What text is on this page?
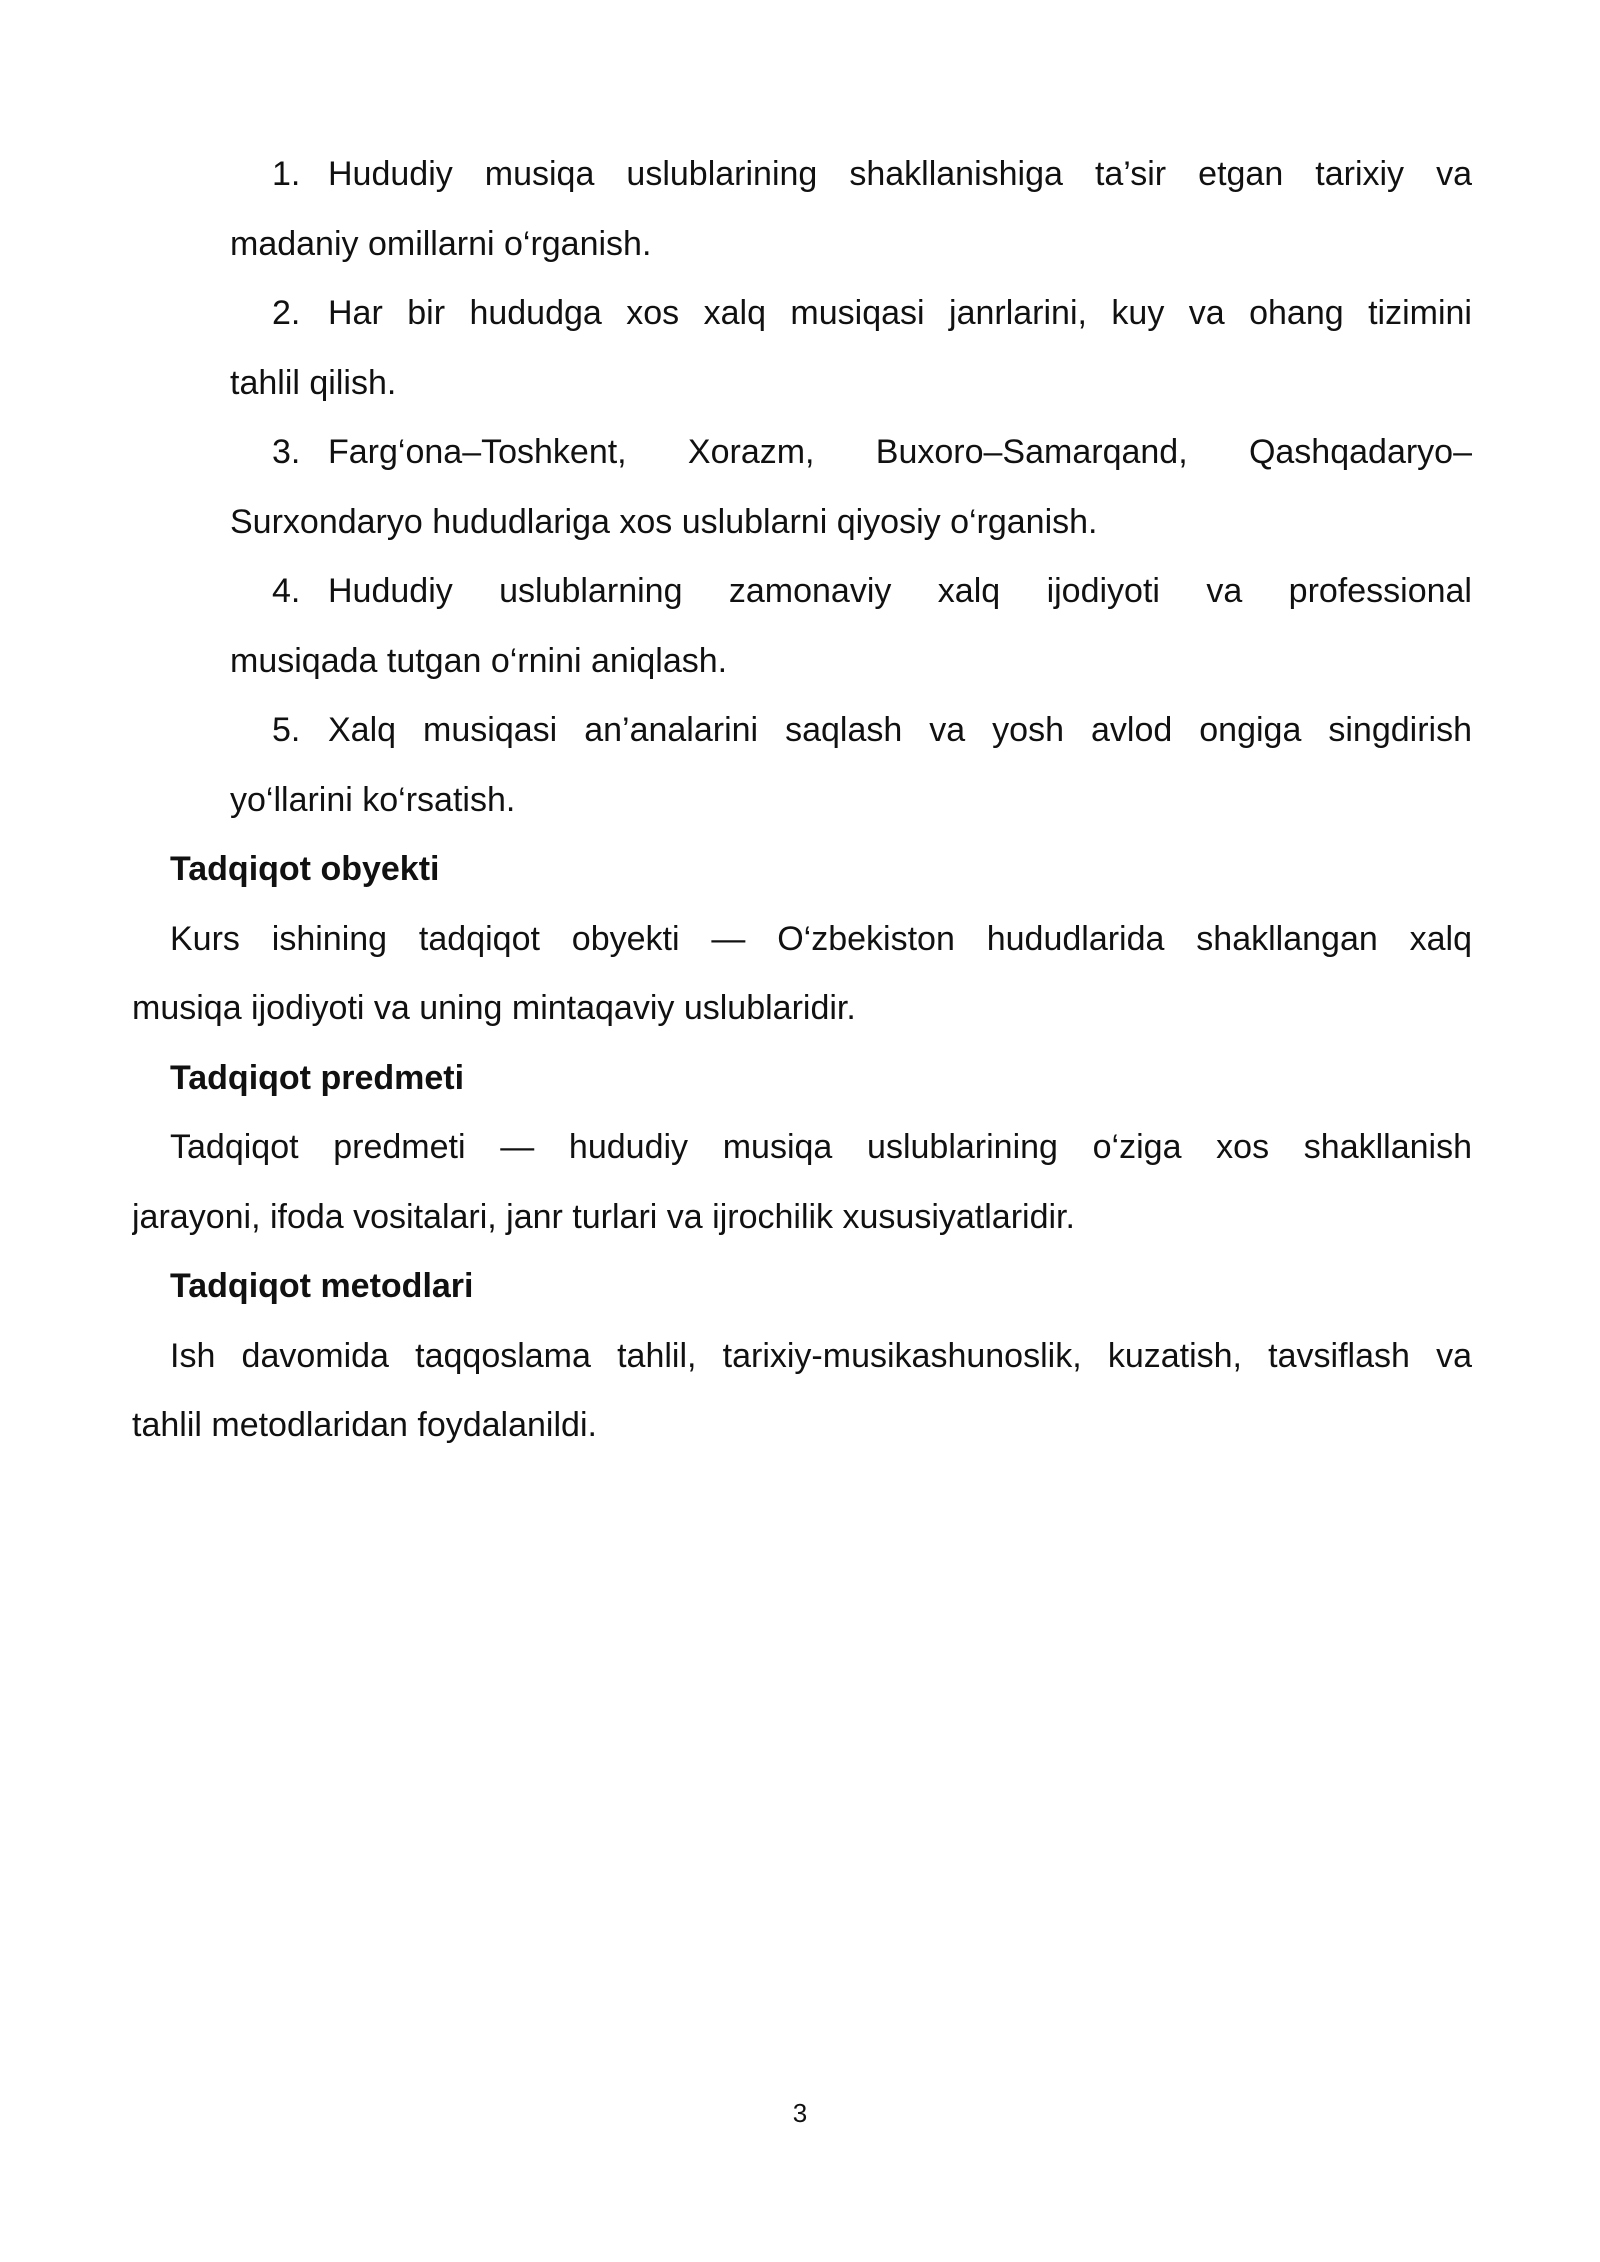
1. Hududiy musiqa uslublarining shakllanishiga ta’sir etgan tarixiy va
madaniy omillarni o‘rganish.
2. Har bir hududga xos xalq musiqasi janrlarini, kuy va ohang tizimini
tahlil qilish.
3. Farg‘ona–Toshkent, Xorazm, Buxoro–Samarqand, Qashqadaryo–
Surxondaryo hududlariga xos uslublarni qiyosiy o‘rganish.
4. Hududiy uslublarning zamonaviy xalq ijodiyoti va professional
musiqada tutgan o‘rnini aniqlash.
5. Xalq musiqasi an’analarini saqlash va yosh avlod ongiga singdirish
yo‘llarini ko‘rsatish.
Tadqiqot obyekti
Kurs ishining tadqiqot obyekti — O‘zbekiston hududlarida shakllangan xalq
musiqa ijodiyoti va uning mintaqaviy uslublaridir.
Tadqiqot predmeti
Tadqiqot predmeti — hududiy musiqa uslublarining o‘ziga xos shakllanish
jarayoni, ifoda vositalari, janr turlari va ijrochilik xususiyatlaridir.
Tadqiqot metodlari
Ish davomida taqqoslama tahlil, tarixiy-musikashunoslik, kuzatish, tavsiflash va
tahlil metodlaridan foydalanildi.
3
